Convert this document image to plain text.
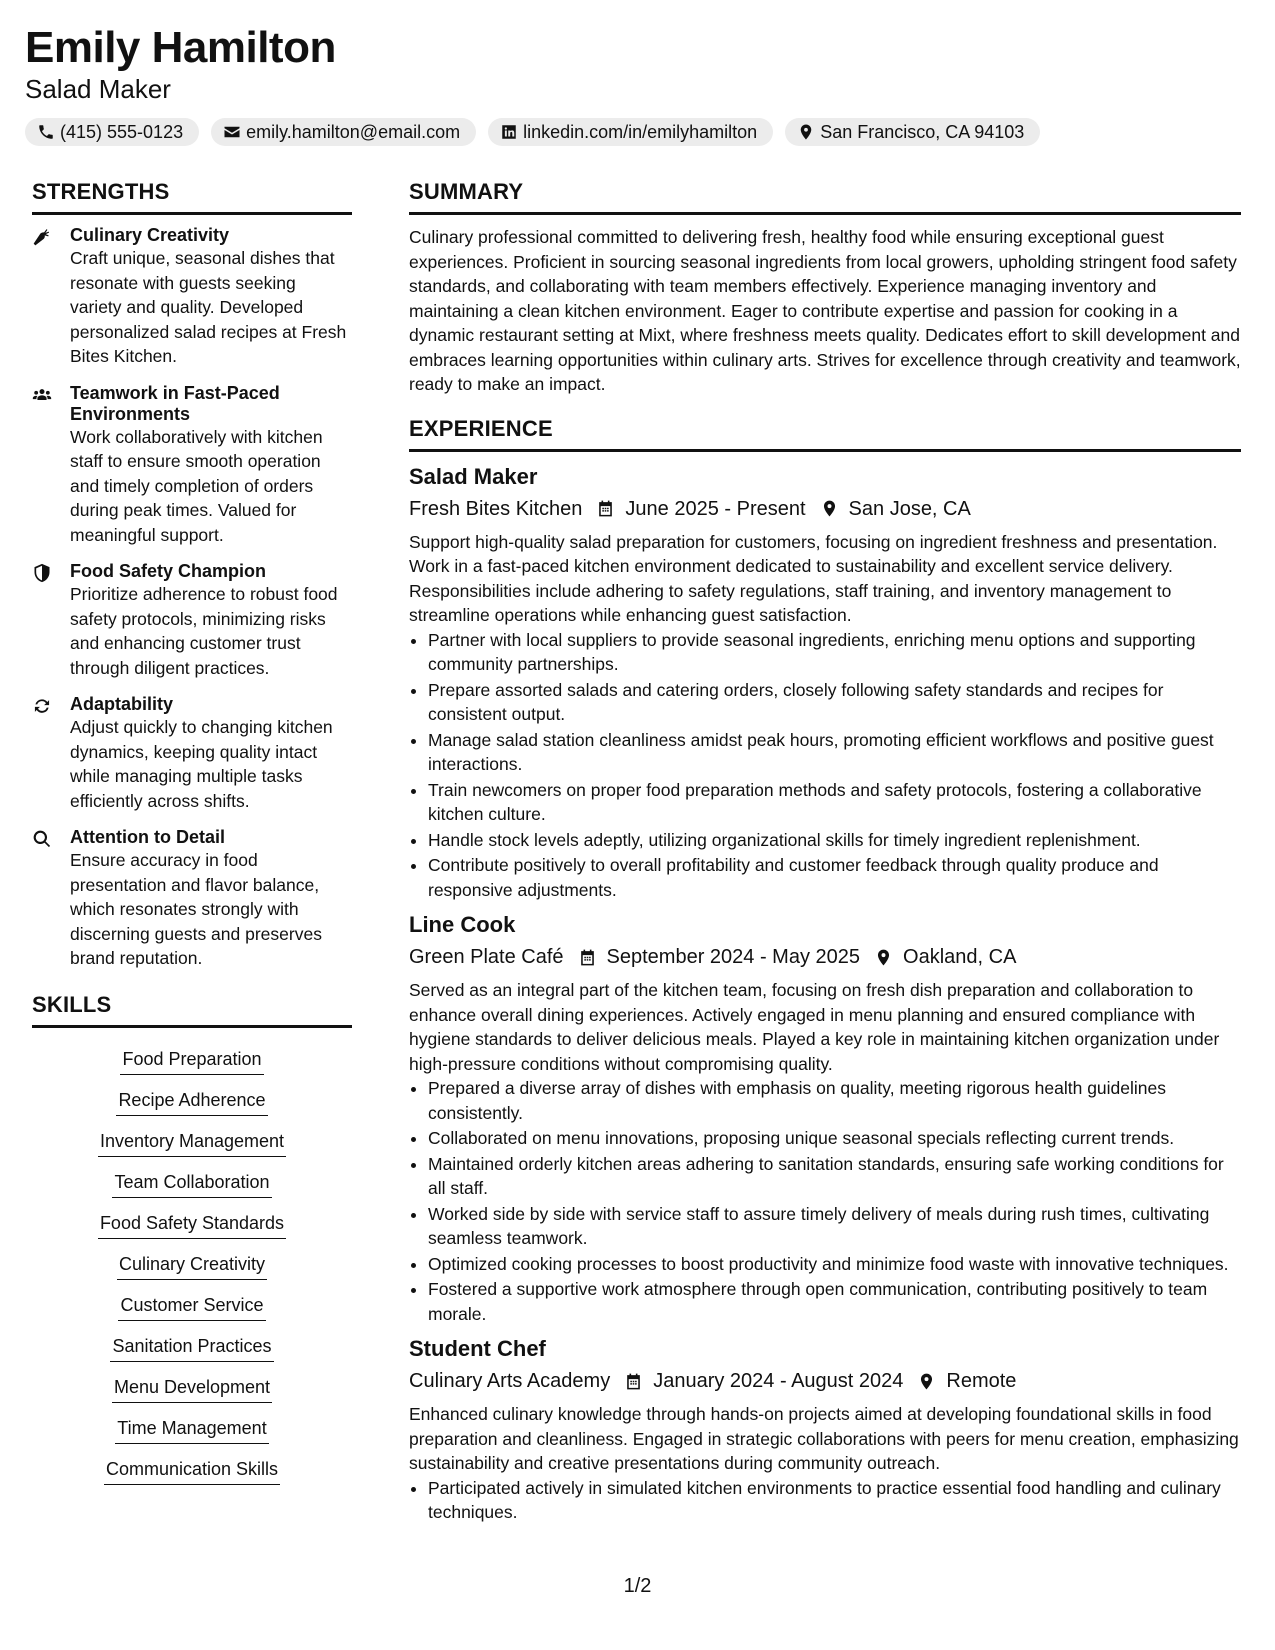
Emily Hamilton
Salad Maker
(415) 555-0123	emily.hamilton@email.com	linkedin.com/in/emilyhamilton	San Francisco, CA 94103
STRENGTHS
Culinary Creativity
Craft unique, seasonal dishes that resonate with guests seeking variety and quality. Developed personalized salad recipes at Fresh Bites Kitchen.
Teamwork in Fast-Paced Environments
Work collaboratively with kitchen staff to ensure smooth operation and timely completion of orders during peak times. Valued for meaningful support.
Food Safety Champion
Prioritize adherence to robust food safety protocols, minimizing risks and enhancing customer trust through diligent practices.
Adaptability
Adjust quickly to changing kitchen dynamics, keeping quality intact while managing multiple tasks efficiently across shifts.
Attention to Detail
Ensure accuracy in food presentation and flavor balance, which resonates strongly with discerning guests and preserves brand reputation.
SKILLS
Food Preparation
Recipe Adherence
Inventory Management
Team Collaboration
Food Safety Standards
Culinary Creativity
Customer Service
Sanitation Practices
Menu Development
Time Management
Communication Skills
SUMMARY

Culinary professional committed to delivering fresh, healthy food while ensuring exceptional guest experiences. Proficient in sourcing seasonal ingredients from local growers, upholding stringent food safety standards, and collaborating with team members effectively. Experience managing inventory and maintaining a clean kitchen environment. Eager to contribute expertise and passion for cooking in a dynamic restaurant setting at Mixt, where freshness meets quality. Dedicates effort to skill development and embraces learning opportunities within culinary arts. Strives for excellence through creativity and teamwork, ready to make an impact.

EXPERIENCE
Salad Maker
Fresh Bites Kitchen June 2025 - Present San Jose, CA

Support high-quality salad preparation for customers, focusing on ingredient freshness and presentation. Work in a fast-paced kitchen environment dedicated to sustainability and excellent service delivery. Responsibilities include adhering to safety regulations, staff training, and inventory management to streamline operations while enhancing guest satisfaction.

• Partner with local suppliers to provide seasonal ingredients, enriching menu options and supporting community partnerships.
• Prepare assorted salads and catering orders, closely following safety standards and recipes for consistent output.
• Manage salad station cleanliness amidst peak hours, promoting efficient workflows and positive guest interactions.
• Train newcomers on proper food preparation methods and safety protocols, fostering a collaborative kitchen culture.
• Handle stock levels adeptly, utilizing organizational skills for timely ingredient replenishment.
• Contribute positively to overall profitability and customer feedback through quality produce and responsive adjustments.
Line Cook
Green Plate Café September 2024 - May 2025 Oakland, CA

Served as an integral part of the kitchen team, focusing on fresh dish preparation and collaboration to enhance overall dining experiences. Actively engaged in menu planning and ensured compliance with hygiene standards to deliver delicious meals. Played a key role in maintaining kitchen organization under high-pressure conditions without compromising quality.

• Prepared a diverse array of dishes with emphasis on quality, meeting rigorous health guidelines consistently.
• Collaborated on menu innovations, proposing unique seasonal specials reflecting current trends.
• Maintained orderly kitchen areas adhering to sanitation standards, ensuring safe working conditions for all staff.
• Worked side by side with service staff to assure timely delivery of meals during rush times, cultivating seamless teamwork.
• Optimized cooking processes to boost productivity and minimize food waste with innovative techniques.
• Fostered a supportive work atmosphere through open communication, contributing positively to team morale.
Student Chef
Culinary Arts Academy January 2024 - August 2024 Remote

Enhanced culinary knowledge through hands-on projects aimed at developing foundational skills in food preparation and cleanliness. Engaged in strategic collaborations with peers for menu creation, emphasizing sustainability and creative presentations during community outreach.

• Participated actively in simulated kitchen environments to practice essential food handling and culinary techniques.
1/2
